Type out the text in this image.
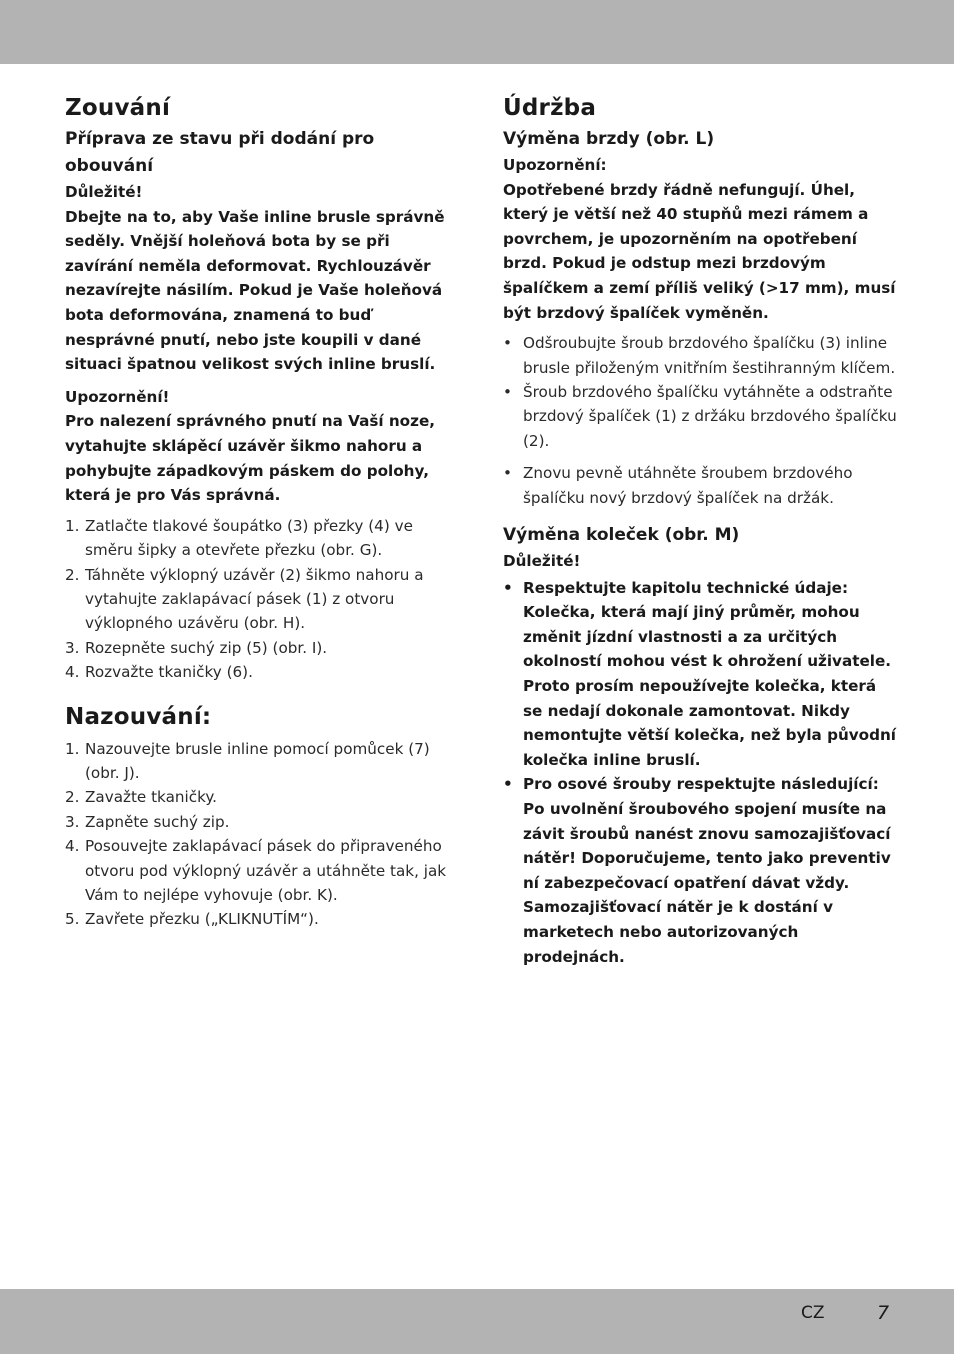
Zouvání
Příprava ze stavu při dodání pro obouvání

Důležité!

Dbejte na to, aby Vaše inline brusle správně seděly. Vnější holeňová bota by se při zavírání neměla deformovat. Rychlouzávěr nezavírejte násilím. Pokud je Vaše holeňová bota deformována, znamená to buď nesprávné pnutí, nebo jste koupili v dané situaci špatnou velikost svých inline bruslí.

Upozornění!

Pro nalezení správného pnutí na Vaší noze, vytahujte sklápěcí uzávěr šikmo nahoru a pohybujte západkovým páskem do polohy, která je pro Vás správná.

1. Zatlačte tlakové šoupátko (3) přezky (4) ve směru šipky a otevřete přezku (obr. G).
2. Táhněte výklopný uzávěr (2) šikmo nahoru a vytahujte zaklapávací pásek (1) z otvoru výklopného uzávěru (obr. H).
3. Rozepněte suchý zip (5) (obr. I).
4. Rozvažte tkaničky (6).
Nazouvání:
1. Nazouvejte brusle inline pomocí pomůcek (7) (obr. J).
2. Zavažte tkaničky.
3. Zapněte suchý zip.
4. Posouvejte zaklapávací pásek do připraveného otvoru pod výklopný uzávěr a utáhněte tak, jak Vám to nejlépe vyhovuje (obr. K).
5. Zavřete přezku („KLIKNUTÍM“).
Údržba
Výměna brzdy (obr. L)

Upozornění:

Opotřebené brzdy řádně nefungují. Úhel, který je větší než 40 stupňů mezi rámem a povrchem, je upozorněním na opotřebení brzd. Pokud je odstup mezi brzdovým špalíčkem a zemí příliš veliký (>17 mm), musí být brzdový špalíček vyměněn.

• Odšroubujte šroub brzdového špalíčku (3) inline brusle přiloženým vnitřním šestihranným klíčem.
• Šroub brzdového špalíčku vytáhněte a odstraňte brzdový špalíček (1) z držáku brzdového špalíčku (2).
• Znovu pevně utáhněte šroubem brzdového špalíčku nový brzdový špalíček na držák.
Výměna koleček (obr. M)

Důležité!

• Respektujte kapitolu technické údaje: Kolečka, která mají jiný průměr, mohou změnit jízdní vlastnosti a za určitých okolností mohou vést k ohrožení uživatele. Proto prosím nepoužívejte kolečka, která se nedají dokonale zamontovat. Nikdy nemontujte větší kolečka, než byla původní kolečka inline bruslí.
• Pro osové šrouby respektujte následující: Po uvolnění šroubového spojení musíte na závit šroubů nanést znovu samozajišťovací nátěr! Doporučujeme, tento jako preventiv ní zabezpečovací opatření dávat vždy. Samozajišťovací nátěr je k dostání v marketech nebo autorizovaných prodejnách.
CZ	7
